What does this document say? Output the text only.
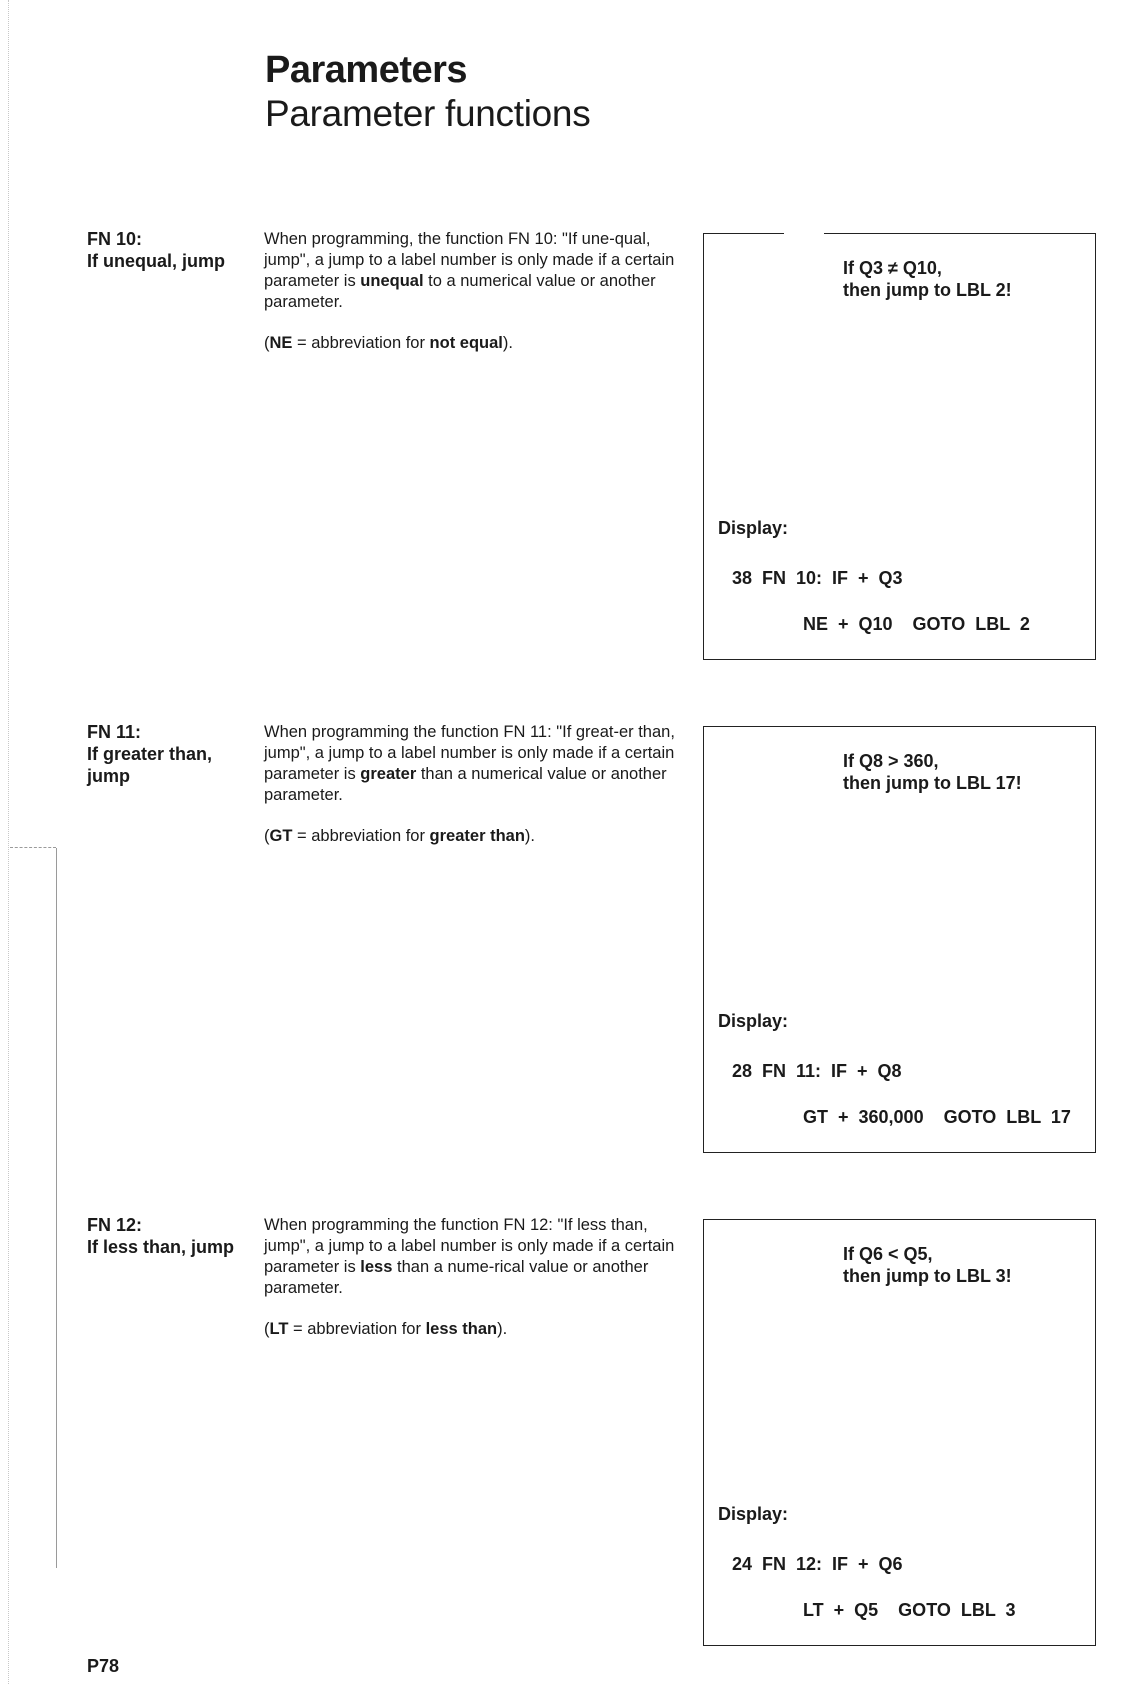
Parameters
Parameter functions
FN 10:
If unequal, jump

When programming, the function FN 10: "If une-qual, jump", a jump to a label number is only made if a certain parameter is unequal to a numerical value or another parameter.

(NE = abbreviation for not equal).

If Q3 ≠ Q10,
then jump to LBL 2!
Display:
38  FN  10:  IF  +  Q3
NE  +  Q10    GOTO  LBL  2
FN 11:
If greater than,
jump

When programming the function FN 11: "If great-er than, jump", a jump to a label number is only made if a certain parameter is greater than a numerical value or another parameter.

(GT = abbreviation for greater than).

If Q8 > 360,
then jump to LBL 17!
Display:
28  FN  11:  IF  +  Q8
GT  +  360,000    GOTO  LBL  17
FN 12:
If less than, jump

When programming the function FN 12: "If less than, jump", a jump to a label number is only made if a certain parameter is less than a nume-rical value or another parameter.

(LT = abbreviation for less than).

If Q6 < Q5,
then jump to LBL 3!
Display:
24  FN  12:  IF  +  Q6
LT  +  Q5    GOTO  LBL  3
P78
